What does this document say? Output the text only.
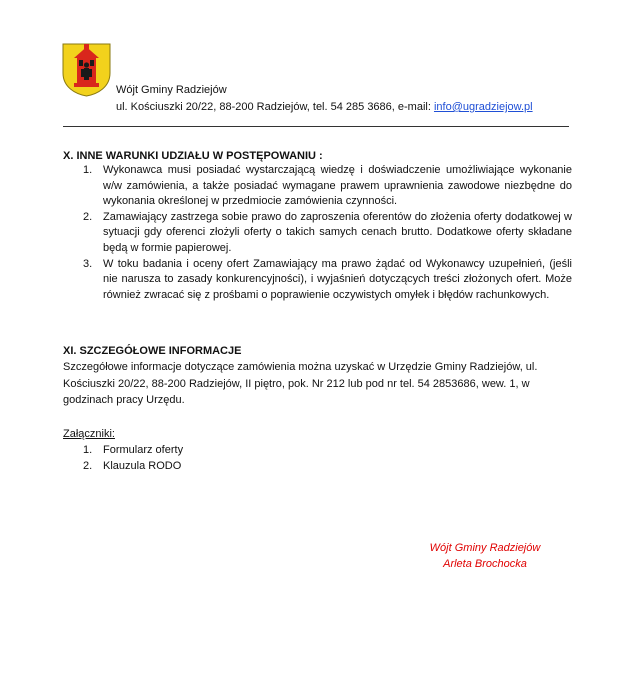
Wójt Gminy Radziejów
ul. Kościuszki 20/22, 88-200 Radziejów, tel. 54 285 3686, e-mail: info@ugradziejow.pl
X. INNE WARUNKI UDZIAŁU W POSTĘPOWANIU :
1. Wykonawca musi posiadać wystarczającą wiedzę i doświadczenie umożliwiające wykonanie w/w zamówienia, a także posiadać wymagane prawem uprawnienia zawodowe niezbędne do wykonania określonej w przedmiocie zamówienia czynności.
2. Zamawiający zastrzega sobie prawo do zaproszenia oferentów do złożenia oferty dodatkowej w sytuacji gdy oferenci złożyli oferty o takich samych cenach brutto. Dodatkowe oferty składane będą w formie papierowej.
3. W toku badania i oceny ofert Zamawiający ma prawo żądać od Wykonawcy uzupełnień, (jeśli nie narusza to zasady konkurencyjności), i wyjaśnień dotyczących treści złożonych ofert. Może również zwracać się z prośbami o poprawienie oczywistych omyłek i błędów rachunkowych.
XI. SZCZEGÓŁOWE INFORMACJE
Szczegółowe informacje dotyczące zamówienia można uzyskać w Urzędzie Gminy Radziejów, ul. Kościuszki 20/22, 88-200 Radziejów, II piętro, pok. Nr 212 lub pod nr tel. 54 2853686, wew. 1, w godzinach pracy Urzędu.
Załączniki:
1. Formularz oferty
2. Klauzula RODO
Wójt Gminy Radziejów
Arleta Brochocka
